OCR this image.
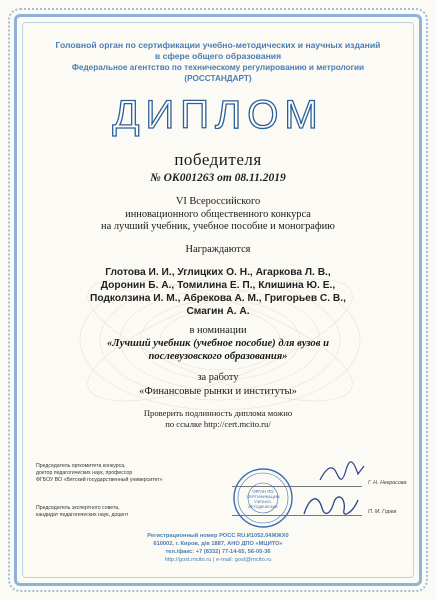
Головной орган по сертификации учебно-методических и научных изданий
в сфере общего образования
Федеральное агентство по техническому регулированию и метрологии
(РОССТАНДАРТ)
ДИПЛОМ
победителя
№ ОК001263 от 08.11.2019
VI Всероссийского
инновационного общественного конкурса
на лучший учебник, учебное пособие и монографию
Награждаются
Глотова И. И., Углицких О. Н., Агаркова Л. В.,
Доронин Б. А., Томилина Е. П., Клишина Ю. Е.,
Подколзина И. М., Абрекова А. М., Григорьев С. В.,
Смагин А. А.
в номинации
«Лучший учебник (учебное пособие) для вузов и
послевузовского образования»
за работу
«Финансовые рынки и институты»
Проверить подлинность диплома можно
по ссылке http://cert.mcito.ru/
Председатель оргкомитета конкурса,
доктор педагогических наук, профессор
ФГБОУ ВО «Вятский государственный университет»	Г. Н. Некрасова
Председатель экспертного совета,
кандидат педагогических наук, доцент	П. М. Горев
ОРГАН ПО
СЕРТИФИКАЦИИ
УЧЕБНО-
МЕТОДИЧЕСКИХ
Регистрационный номер РОСС RU.И1052.04ЖЖХ0
610002, г. Киров, д/в 1887, АНО ДПО «МЦИТО»
тел./факс: +7 (8332) 77-14-65, 56-00-36
http://gost.mcito.ru | e-mail: gost@mcito.ru
